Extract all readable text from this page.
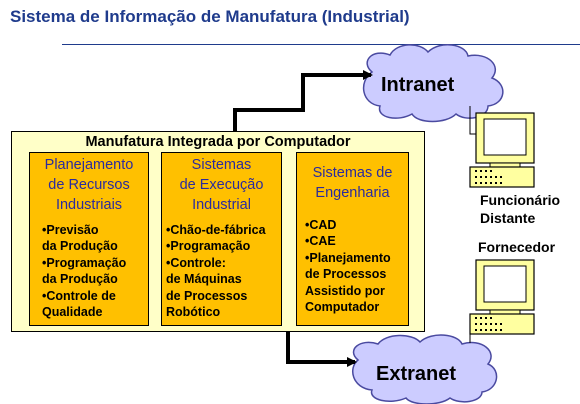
Sistema de Informação de Manufatura (Industrial)
Intranet
Extranet
Manufatura Integrada por Computador
Planejamento
de Recursos
Industriais
•Previsão
da Produção
•Programação
da Produção
•Controle de
Qualidade
Sistemas
de Execução
Industrial
•Chão-de-fábrica
•Programação
•Controle:
de Máquinas
de Processos
Robótico
Sistemas de
Engenharia
•CAD
•CAE
•Planejamento
de Processos
Assistido por
Computador
Funcionário
Distante
Fornecedor
